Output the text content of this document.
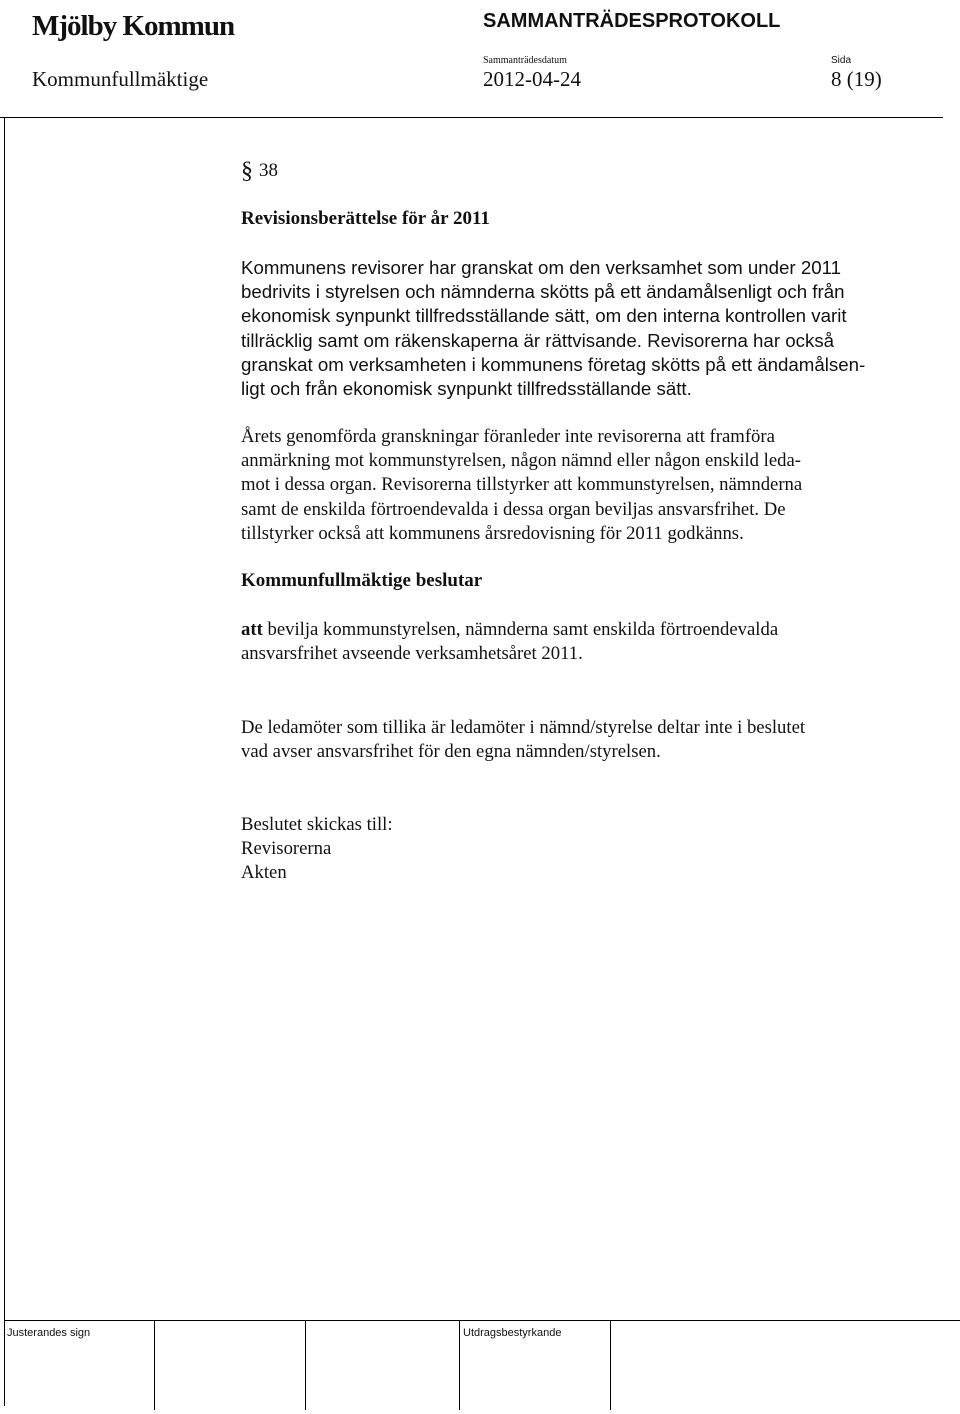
Mjölby Kommun	SAMMANTRÄDESPROTOKOLL
Kommunfullmäktige
Sammanträdesdatum
2012-04-24
Sida
8 (19)
§ 38
Revisionsberättelse för år 2011
Kommunens revisorer har granskat om den verksamhet som under 2011
bedrivits i styrelsen och nämnderna skötts på ett ändamålsenligt och från
ekonomisk synpunkt tillfredsställande sätt, om den interna kontrollen varit
tillräcklig samt om räkenskaperna är rättvisande. Revisorerna har också
granskat om verksamheten i kommunens företag skötts på ett ändamålsen-
ligt och från ekonomisk synpunkt tillfredsställande sätt.
Årets genomförda granskningar föranleder inte revisorerna att framföra
anmärkning mot kommunstyrelsen, någon nämnd eller någon enskild leda-
mot i dessa organ. Revisorerna tillstyrker att kommunstyrelsen, nämnderna
samt de enskilda förtroendevalda i dessa organ beviljas ansvarsfrihet. De
tillstyrker också att kommunens årsredovisning för 2011 godkänns.
Kommunfullmäktige beslutar
att bevilja kommunstyrelsen, nämnderna samt enskilda förtroendevalda
ansvarsfrihet avseende verksamhetsåret 2011.
De ledamöter som tillika är ledamöter i nämnd/styrelse deltar inte i beslutet
vad avser ansvarsfrihet för den egna nämnden/styrelsen.
Beslutet skickas till:
Revisorerna
Akten
Justerandes sign	Utdragsbestyrkande
